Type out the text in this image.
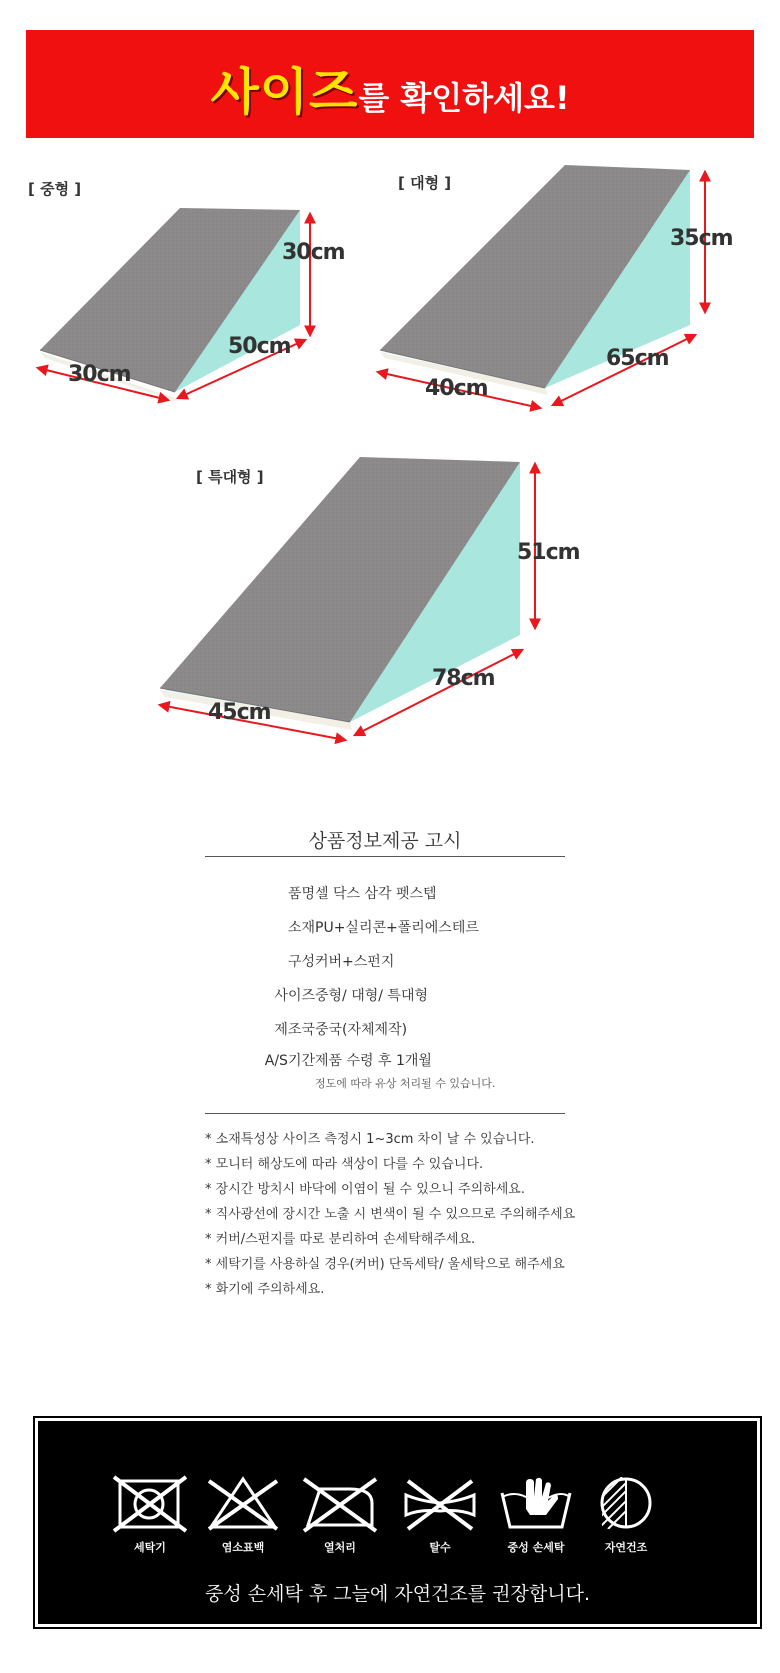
사이즈를 확인하세요!
[ 중형 ]
30cm
50cm
30cm
[ 대형 ]
35cm
65cm
40cm
[ 특대형 ]
51cm
78cm
45cm
상품정보제공 고시
품명 셀 닥스 삼각 펫스텝
소재 PU+실리콘+폴리에스테르
구성 커버+스펀지
사이즈 중형/ 대형/ 특대형
제조국 중국(자체제작)
A/S기간 제품 수령 후 1개월
정도에 따라 유상 처리될 수 있습니다.
* 소재특성상 사이즈 측정시 1~3cm 차이 날 수 있습니다.
* 모니터 해상도에 따라 색상이 다를 수 있습니다.
* 장시간 방치시 바닥에 이염이 될 수 있으니 주의하세요.
* 직사광선에 장시간 노출 시 변색이 될 수 있으므로 주의해주세요
* 커버/스펀지를 따로 분리하여 손세탁해주세요.
* 세탁기를 사용하실 경우(커버) 단독세탁/ 울세탁으로 해주세요
* 화기에 주의하세요.
세탁기	염소표백	열처리	탈수	중성 손세탁	자연건조
중성 손세탁 후 그늘에 자연건조를 권장합니다.
